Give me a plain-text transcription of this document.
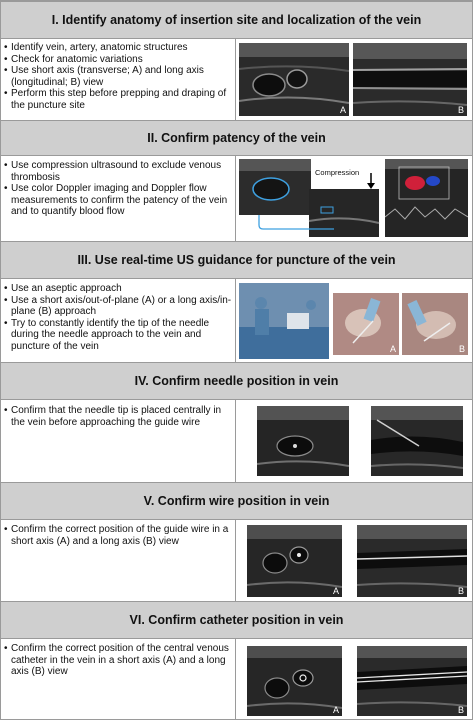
I. Identify anatomy of insertion site and localization of the vein
• Identify vein, artery, anatomic structures
• Check for anatomic variations
• Use short axis (transverse; A) and long axis (longitudinal; B) view
• Perform this step before prepping and draping of the puncture site	A	B
II. Confirm patency of the vein
• Use compression ultrasound to exclude venous thrombosis
• Use color Doppler imaging and Doppler flow measurements to confirm the patency of the vein and to quantify blood flow
Compression
III. Use real-time US guidance for puncture of the vein
• Use an aseptic approach
• Use a short axis/out-of-plane (A) or a long axis/in-plane (B) approach
• Try to constantly identify the tip of the needle during the needle approach to the vein and puncture of the vein	A	B
IV. Confirm needle position in vein
• Confirm that the needle tip is placed centrally in the vein before approaching the guide wire
V. Confirm wire position in vein
• Confirm the correct position of the guide wire in a short axis (A) and a long axis (B) view
A	B
VI. Confirm catheter position in vein
• Confirm the correct position of the central venous catheter in the vein in a short axis (A) and a long axis (B) view
A	B
